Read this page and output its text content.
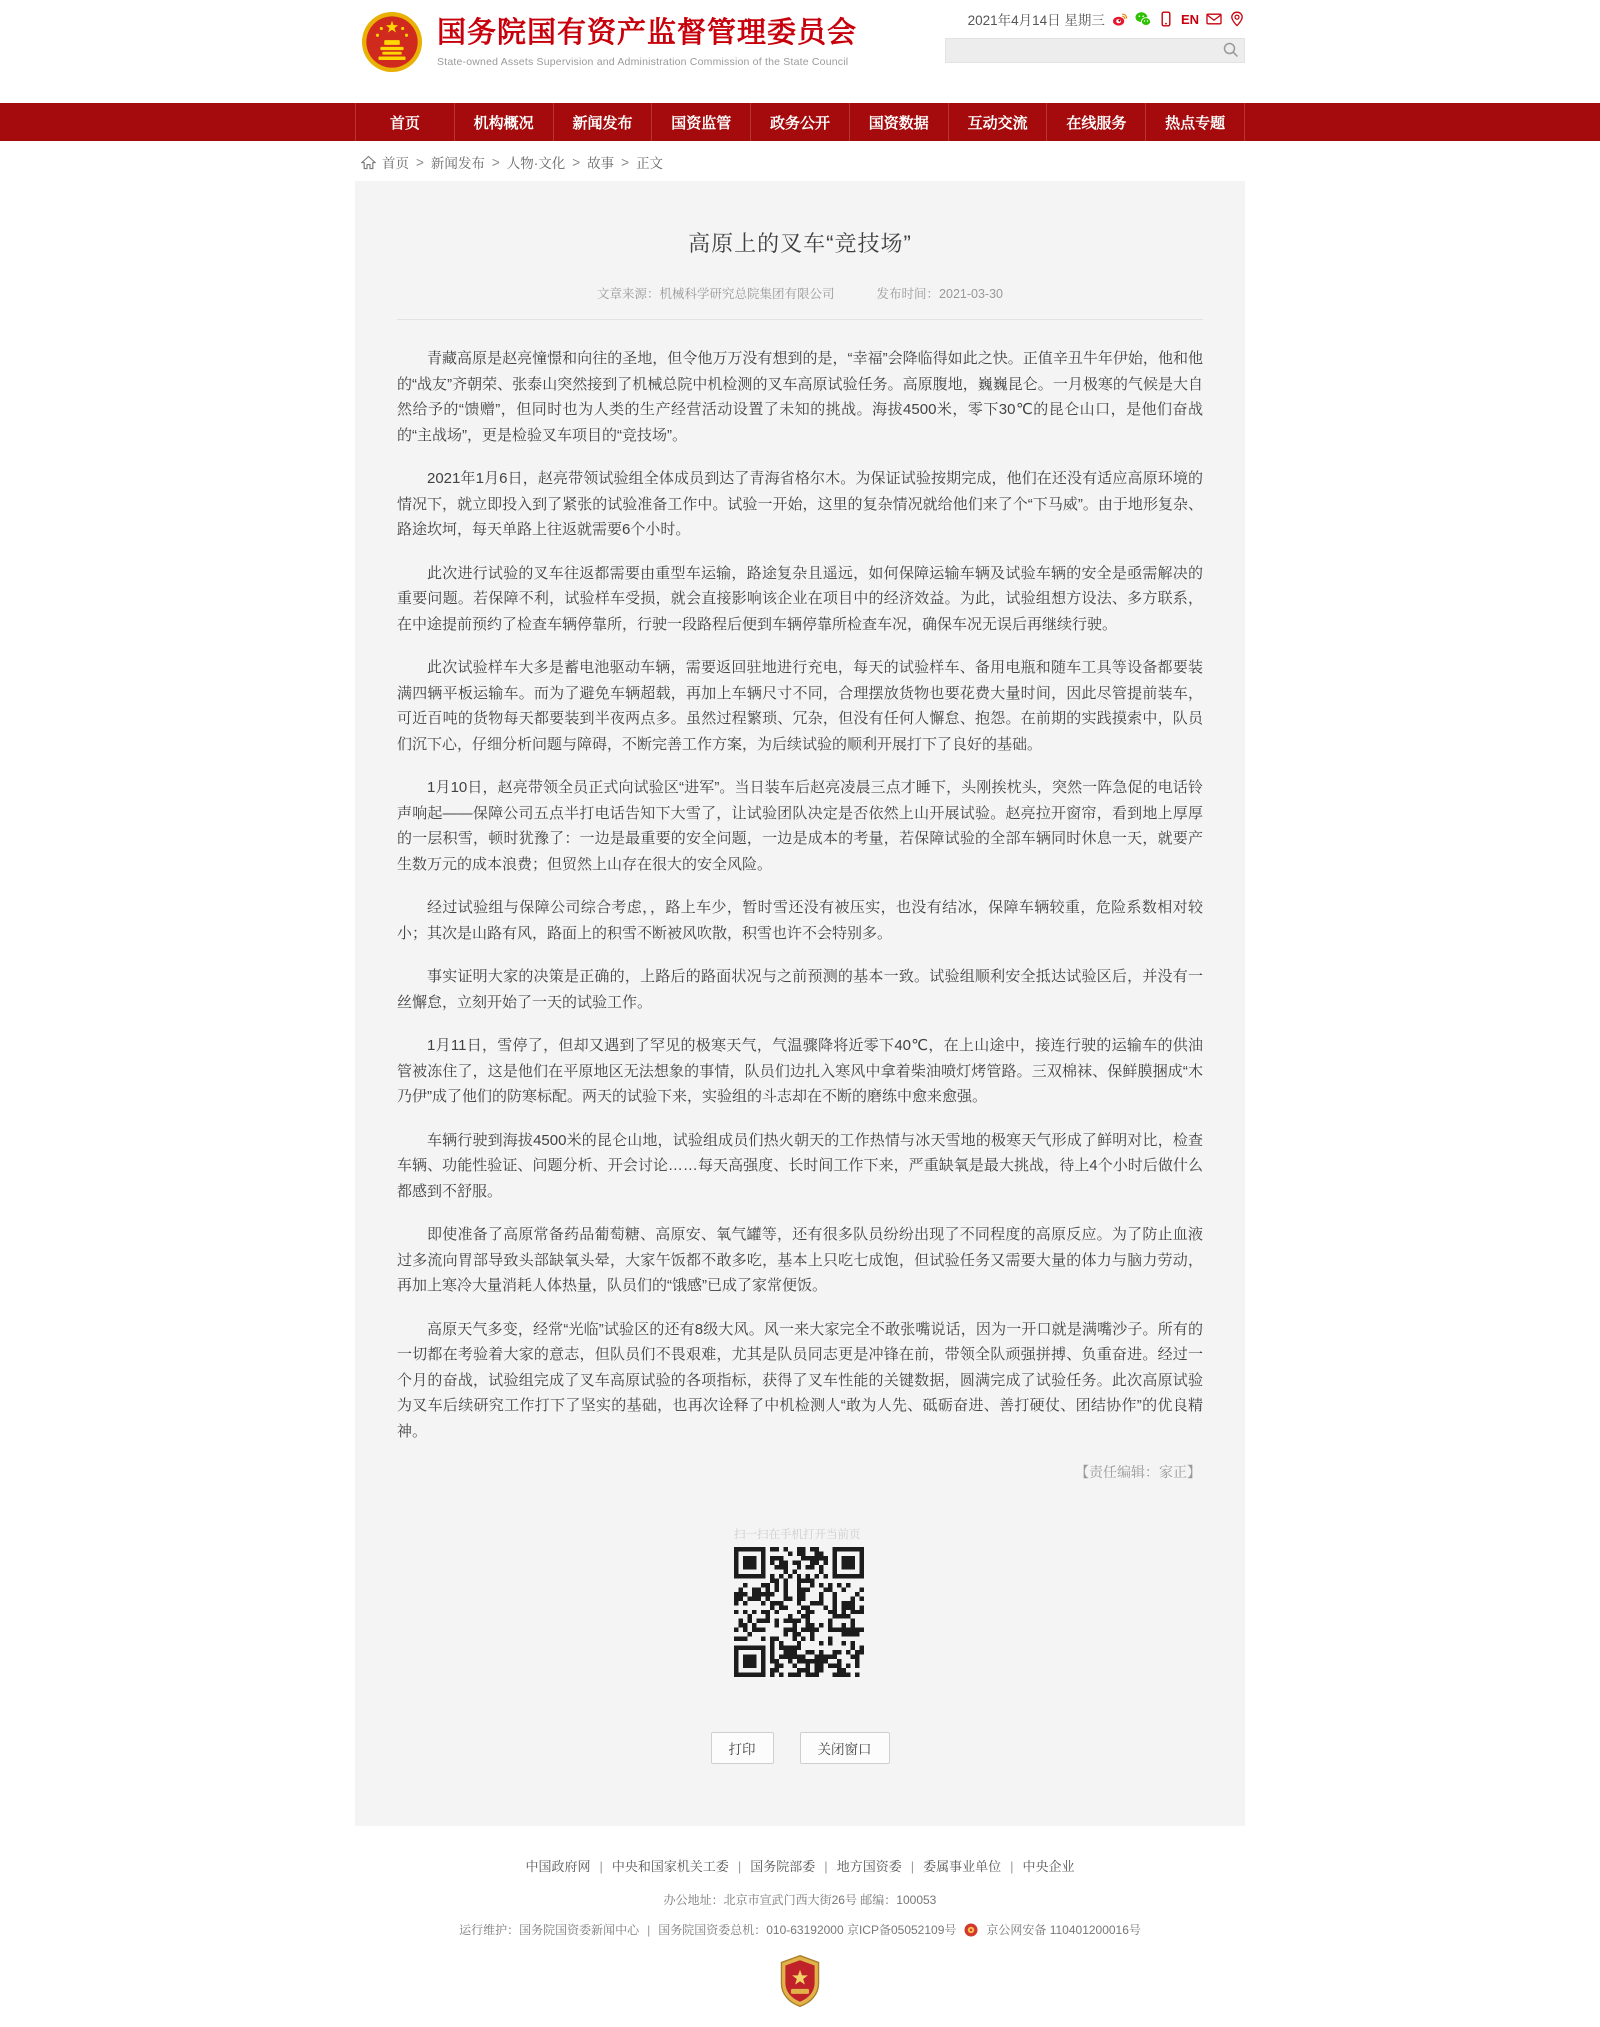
国务院国有资产监督管理委员会
State-owned Assets Supervision and Administration Commission of the State Council
2021年4月14日 星期三	EN
首页	机构概况	新闻发布	国资监管	政务公开	国资数据	互动交流	在线服务	热点专题
首页 > 新闻发布 > 人物·文化 > 故事 > 正文
高原上的叉车“竞技场”
文章来源：机械科学研究总院集团有限公司	发布时间：2021-03-30

青藏高原是赵亮憧憬和向往的圣地，但令他万万没有想到的是，“幸福”会降临得如此之快。正值辛丑牛年伊始，他和他的“战友”齐朝荣、张泰山突然接到了机械总院中机检测的叉车高原试验任务。高原腹地，巍巍昆仑。一月极寒的气候是大自然给予的“馈赠”，但同时也为人类的生产经营活动设置了未知的挑战。海拔4500米，零下30℃的昆仑山口，是他们奋战的“主战场”，更是检验叉车项目的“竞技场”。

2021年1月6日，赵亮带领试验组全体成员到达了青海省格尔木。为保证试验按期完成，他们在还没有适应高原环境的情况下，就立即投入到了紧张的试验准备工作中。试验一开始，这里的复杂情况就给他们来了个“下马威”。由于地形复杂、路途坎坷，每天单路上往返就需要6个小时。

此次进行试验的叉车往返都需要由重型车运输，路途复杂且遥远，如何保障运输车辆及试验车辆的安全是亟需解决的重要问题。若保障不利，试验样车受损，就会直接影响该企业在项目中的经济效益。为此，试验组想方设法、多方联系，在中途提前预约了检查车辆停靠所，行驶一段路程后便到车辆停靠所检查车况，确保车况无误后再继续行驶。

此次试验样车大多是蓄电池驱动车辆，需要返回驻地进行充电，每天的试验样车、备用电瓶和随车工具等设备都要装满四辆平板运输车。而为了避免车辆超载，再加上车辆尺寸不同，合理摆放货物也要花费大量时间，因此尽管提前装车，可近百吨的货物每天都要装到半夜两点多。虽然过程繁琐、冗杂，但没有任何人懈怠、抱怨。在前期的实践摸索中，队员们沉下心，仔细分析问题与障碍，不断完善工作方案，为后续试验的顺利开展打下了良好的基础。

1月10日，赵亮带领全员正式向试验区“进军”。当日装车后赵亮凌晨三点才睡下，头刚挨枕头，突然一阵急促的电话铃声响起——保障公司五点半打电话告知下大雪了，让试验团队决定是否依然上山开展试验。赵亮拉开窗帘，看到地上厚厚的一层积雪，顿时犹豫了：一边是最重要的安全问题，一边是成本的考量，若保障试验的全部车辆同时休息一天，就要产生数万元的成本浪费；但贸然上山存在很大的安全风险。

经过试验组与保障公司综合考虑，，路上车少，暂时雪还没有被压实，也没有结冰，保障车辆较重，危险系数相对较小；其次是山路有风，路面上的积雪不断被风吹散，积雪也许不会特别多。

事实证明大家的决策是正确的，上路后的路面状况与之前预测的基本一致。试验组顺利安全抵达试验区后，并没有一丝懈怠，立刻开始了一天的试验工作。

1月11日，雪停了，但却又遇到了罕见的极寒天气，气温骤降将近零下40℃，在上山途中，接连行驶的运输车的供油管被冻住了，这是他们在平原地区无法想象的事情，队员们边扎入寒风中拿着柴油喷灯烤管路。三双棉袜、保鲜膜捆成“木乃伊”成了他们的防寒标配。两天的试验下来，实验组的斗志却在不断的磨练中愈来愈强。

车辆行驶到海拔4500米的昆仑山地，试验组成员们热火朝天的工作热情与冰天雪地的极寒天气形成了鲜明对比，检查车辆、功能性验证、问题分析、开会讨论……每天高强度、长时间工作下来，严重缺氧是最大挑战，待上4个小时后做什么都感到不舒服。

即使准备了高原常备药品葡萄糖、高原安、氧气罐等，还有很多队员纷纷出现了不同程度的高原反应。为了防止血液过多流向胃部导致头部缺氧头晕，大家午饭都不敢多吃，基本上只吃七成饱，但试验任务又需要大量的体力与脑力劳动，再加上寒冷大量消耗人体热量，队员们的“饿感”已成了家常便饭。

高原天气多变，经常“光临”试验区的还有8级大风。风一来大家完全不敢张嘴说话，因为一开口就是满嘴沙子。所有的一切都在考验着大家的意志，但队员们不畏艰难，尤其是队员同志更是冲锋在前，带领全队顽强拼搏、负重奋进。经过一个月的奋战，试验组完成了叉车高原试验的各项指标，获得了叉车性能的关键数据，圆满完成了试验任务。此次高原试验为叉车后续研究工作打下了坚实的基础，也再次诠释了中机检测人“敢为人先、砥砺奋进、善打硬仗、团结协作”的优良精神。

【责任编辑：家正】
扫一扫在手机打开当前页
打印	关闭窗口
中国政府网 | 中央和国家机关工委 | 国务院部委 | 地方国资委 | 委属事业单位 | 中央企业
办公地址：北京市宣武门西大街26号 邮编：100053
运行维护：国务院国资委新闻中心 | 国务院国资委总机：010-63192000 京ICP备05052109号	京公网安备 110401200016号
